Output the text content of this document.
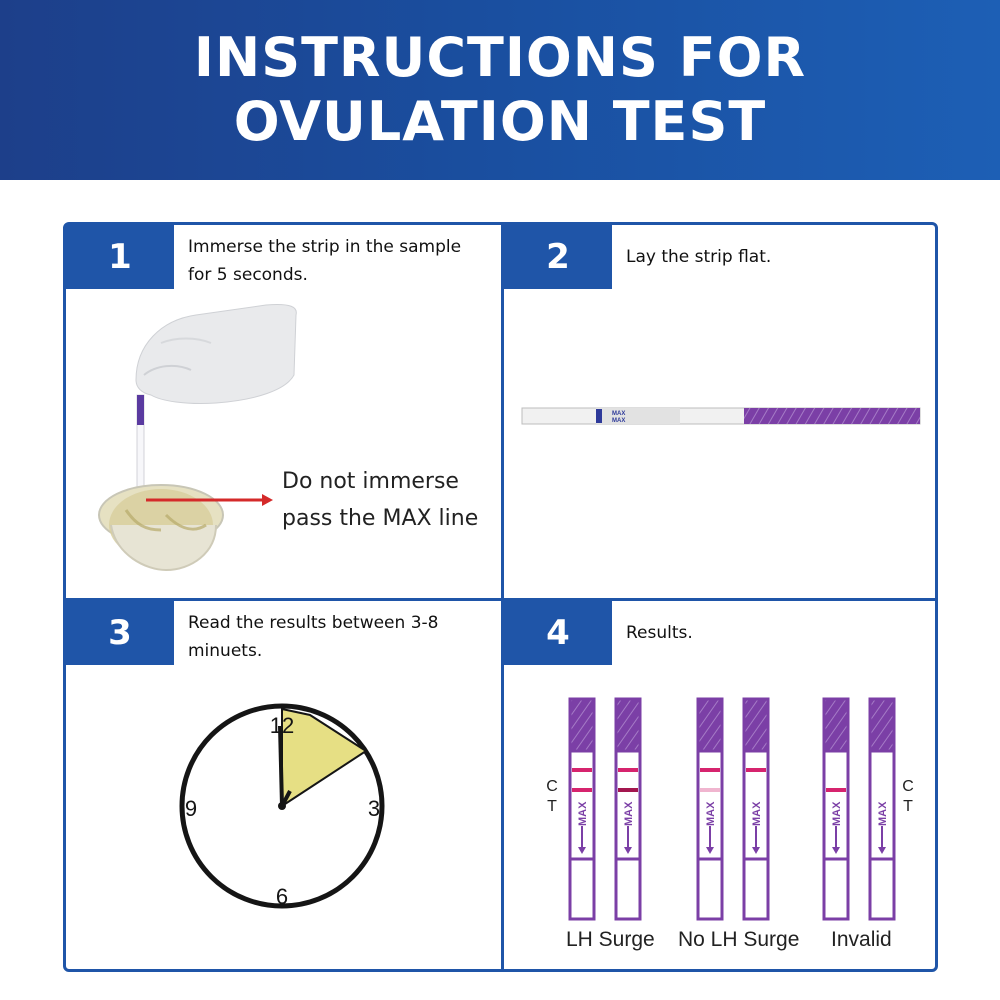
INSTRUCTIONS FOR
OVULATION TEST
1	Immerse the strip in the sample for 5 seconds.
Do not immerse pass the MAX line
2	Lay the strip flat.
MAX
MAX
3	Read the results between 3-8 minuets.
12
3
6
9
4	Results.
MAX	MAX	MAX	MAX	MAX	MAX
C
T
C
T
LH Surge No LH Surge Invalid
